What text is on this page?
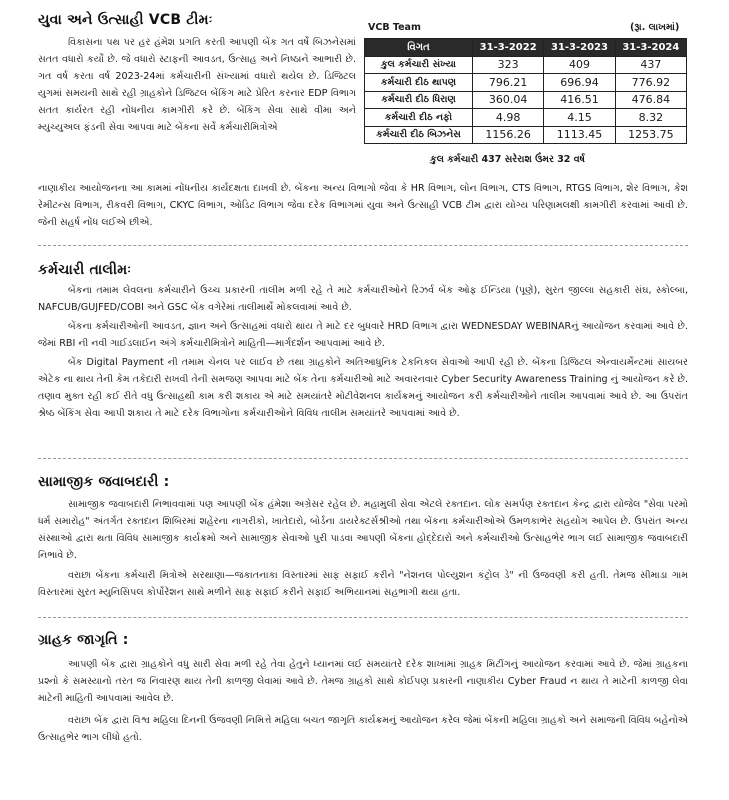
યુવા અને ઉત્સાહી VCB ટીમઃ

વિકાસના પથ પર હર હંમેશ પ્રગતિ કરતી આપણી બેંક ગત વર્ષે બિઝનેસમાં સતત વધારો કર્યો છે. જે વધારો સ્ટાફની આવડત, ઉત્સાહ અને નિષ્ઠાને આભારી છે. ગત વર્ષ કરતા વર્ષ 2023-24માં કર્મચારીની સંખ્યામાં વધારો થયેલ છે. ડિજિટલ યુગમાં સમયની સાથે રહી ગ્રાહકોને ડિજિટલ બેંકિંગ માટે પ્રેરિત કરનાર EDP વિભાગ સતત કાર્યરત રહી નોંધનીય કામગીરી કરે છે. બેંકિંગ સેવા સાથે વીમા અને મ્યુચ્યુઅલ ફંડની સેવા આપવા માટે બેંકના સર્વે કર્મચારીમિત્રોએ

VCB Team	(રૂા. લાખમાં)
વિગત	31-3-2022	31-3-2023	31-3-2024
કુલ કર્મચારી સંખ્યા	323	409	437
કર્મચારી દીઠ થાપણ	796.21	696.94	776.92
કર્મચારી દીઠ ધિરાણ	360.04	416.51	476.84
કર્મચારી દીઠ નફો	4.98	4.15	8.32
કર્મચારી દીઠ બિઝનેસ	1156.26	1113.45	1253.75
કુલ કર્મચારી 437 સરેરાશ ઉંમર 32 વર્ષ

નાણાકીય આયોજનના આ કામમાં નોંધનીય કાર્યદક્ષતા દાખવી છે. બેંકના અન્ય વિભાગો જેવા કે HR વિભાગ, લોન વિભાગ, CTS વિભાગ, RTGS વિભાગ, શેર વિભાગ, કેશ રેમીટન્સ વિભાગ, રીકવરી વિભાગ, CKYC વિભાગ, ઓડિટ વિભાગ જેવા દરેક વિભાગમાં યુવા અને ઉત્સાહી VCB ટીમ દ્વારા યોગ્ય પરિણામલક્ષી કામગીરી કરવામાં આવી છે. જેની સહર્ષ નોંધ લઈએ છીએ.

કર્મચારી તાલીમઃ

બેંકના તમામ લેવલના કર્મચારીને ઉચ્ચ પ્રકારની તાલીમ મળી રહે તે માટે કર્મચારીઓને રિઝર્વ બેંક ઓફ ઈન્ડિયા (પૂણે), સુરત જીલ્લા સહકારી સંઘ, સ્કોલ્બા, NAFCUB/GUJFED/COBI અને GSC બેંક વગેરેમાં તાલીમાર્થે મોકલવામાં આવે છે.

બેંકના કર્મચારીઓની આવડત, જ્ઞાન અને ઉત્સાહમાં વધારો થાય તે માટે દર બુધવારે HRD વિભાગ દ્વારા WEDNESDAY WEBINARનું આયોજન કરવામાં આવે છે. જેમાં RBI ની નવી ગાઈડલાઈન અંગે કર્મચારીમિત્રોને માહિતી—માર્ગદર્શન આપવામાં આવે છે.

બેંક Digital Payment ની તમામ ચેનલ પર લાઈવ છે તથા ગ્રાહકોને અતિઆધુનિક ટેકનિકલ સેવાઓ આપી રહી છે. બેંકના ડિજિટલ એન્વાયર્મેન્ટમાં સાયબર એટેક ના થાય તેની કેમ તકેદારી રાખવી તેની સમજણ આપવા માટે બેંક તેના કર્મચારીઓ માટે અવારનવાર Cyber Security Awareness Training નું આયોજન કરે છે. તણાવ મુક્ત રહી કઈ રીતે વધુ ઉત્સાહથી કામ કરી શકાય એ માટે સમયાંતરે મોટીવેશનલ કાર્યક્રમનું આયોજન કરી કર્મચારીઓને તાલીમ આપવામાં આવે છે. આ ઉપરાંત શ્રેષ્ઠ બેંકિંગ સેવા આપી શકાય તે માટે દરેક વિભાગોના કર્મચારીઓને વિવિધ તાલીમ સમયાંતરે આપવામાં આવે છે.

સામાજીક જવાબદારી :

સામાજીક જવાબદારી નિભાવવામાં પણ આપણી બેંક હંમેશા અગ્રેસર રહેલ છે. મહામુલી સેવા એટલે રક્તદાન. લોક સમર્પણ રક્તદાન કેન્દ્ર દ્વારા યોજેલ "સેવા પરમો ધર્મ સમારોહ" અંતર્ગત રક્તદાન શિબિરમાં શહેરના નાગરીકો, ખાતેદારો, બોર્ડના ડાયરેક્ટર્સશ્રીઓ તથા બેંકના કર્મચારીઓએ ઉમળકાભેર સહયોગ આપેલ છે. ઉપરાંત અન્ય સંસ્થાઓ દ્વારા થતા વિવિધ સામાજીક કાર્યક્રમો અને સામાજીક સેવાઓ પુરી પાડવા આપણી બેંકના હોદ્દેદારો અને કર્મચારીઓ ઉત્સાહભેર ભાગ લઈ સામાજીક જવાબદારી નિભાવે છે.

વરાછા બેંકના કર્મચારી મિત્રોએ સરથાણા—જકાતનાકા વિસ્તારમાં સાફ સફાઈ કરીને "નેશનલ પોલ્યુશન કંટ્રોલ ડે" ની ઉજવણી કરી હતી. તેમજ સીમાડા ગામ વિસ્તારમાં સુરત મ્યુનિસિપલ કોર્પોરેશન સાથે મળીને સાફ સફાઈ કરીને સફાઈ અભિયાનમાં સહભાગી થયા હતા.

ગ્રાહક જાગૃતિ :

આપણી બેંક દ્વારા ગ્રાહકોને વધુ સારી સેવા મળી રહે તેવા હેતુને ધ્યાનમાં લઈ સમયાંતરે દરેક શાખામાં ગ્રાહક મિટીંગનું આયોજન કરવામાં આવે છે. જેમાં ગ્રાહકના પ્રશ્નો કે સમસ્યાનો તરત જ નિવારણ થાય તેની કાળજી લેવામાં આવે છે. તેમજ ગ્રાહકો સાથે કોઈપણ પ્રકારની નાણાકીય Cyber Fraud ન થાય તે માટેની કાળજી લેવા માટેની માહિતી આપવામાં આવેલ છે.

વરાછા બેંક દ્વારા વિશ્વ મહિલા દિનની ઉજવણી નિમિત્તે મહિલા બચત જાગૃતિ કાર્યક્રમનું આયોજન કરેલ જેમાં બેંકની મહિલા ગ્રાહકો અને સમાજની વિવિધ બહેનોએ ઉત્સાહભેર ભાગ લીધો હતો.
